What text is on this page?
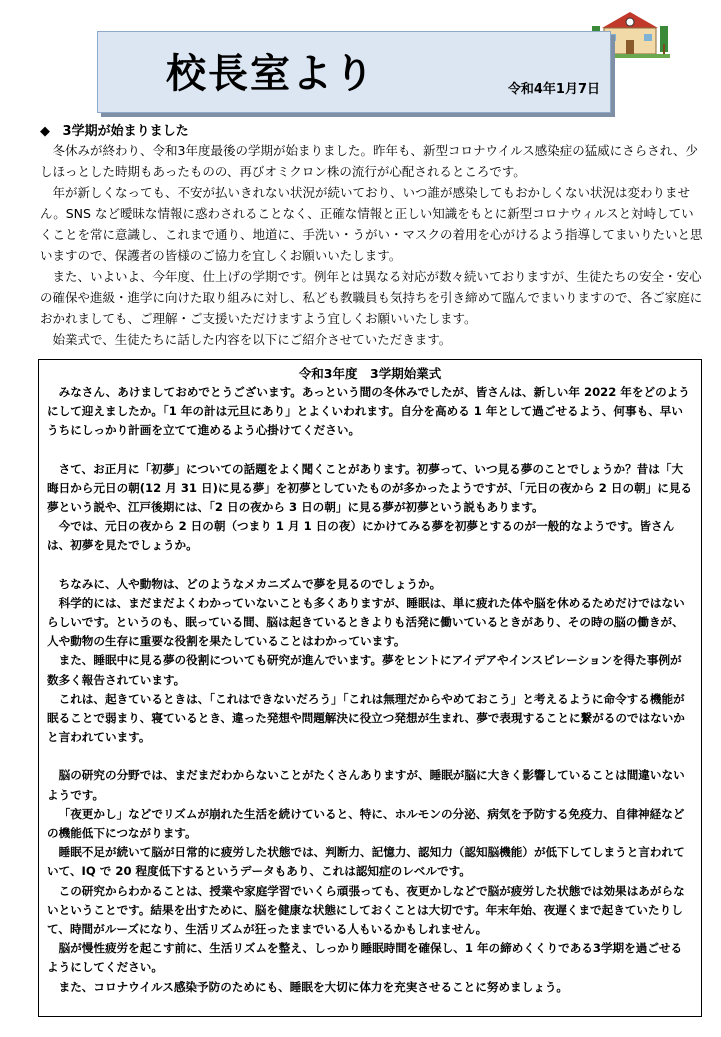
校長室より	令和4年1月7日
◆ 3学期が始まりました

冬休みが終わり、令和3年度最後の学期が始まりました。昨年も、新型コロナウイルス感染症の猛威にさらされ、少しほっとした時期もあったものの、再びオミクロン株の流行が心配されるところです。

年が新しくなっても、不安が払いきれない状況が続いており、いつ誰が感染してもおかしくない状況は変わりません。SNS など曖昧な情報に惑わされることなく、正確な情報と正しい知識をもとに新型コロナウィルスと対峙していくことを常に意識し、これまで通り、地道に、手洗い・うがい・マスクの着用を心がけるよう指導してまいりたいと思いますので、保護者の皆様のご協力を宜しくお願いいたします。

また、いよいよ、今年度、仕上げの学期です。例年とは異なる対応が数々続いておりますが、生徒たちの安全・安心の確保や進級・進学に向けた取り組みに対し、私ども教職員も気持ちを引き締めて臨んでまいりますので、各ご家庭におかれましても、ご理解・ご支援いただけますよう宜しくお願いいたします。

始業式で、生徒たちに話した内容を以下にご紹介させていただきます。

令和3年度　3学期始業式

みなさん、あけましておめでとうございます。あっという間の冬休みでしたが、皆さんは、新しい年 2022 年をどのようにして迎えましたか。「1 年の計は元旦にあり」とよくいわれます。自分を高める 1 年として過ごせるよう、何事も、早いうちにしっかり計画を立てて進めるよう心掛けてください。

さて、お正月に「初夢」についての話題をよく聞くことがあります。初夢って、いつ見る夢のことでしょうか？昔は「大晦日から元日の朝(12 月 31 日)に見る夢」を初夢としていたものが多かったようですが、「元日の夜から 2 日の朝」に見る夢という説や、江戸後期には、「2 日の夜から 3 日の朝」に見る夢が初夢という説もあります。

今では、元日の夜から 2 日の朝（つまり 1 月 1 日の夜）にかけてみる夢を初夢とするのが一般的なようです。皆さんは、初夢を見たでしょうか。

ちなみに、人や動物は、どのようなメカニズムで夢を見るのでしょうか。

科学的には、まだまだよくわかっていないことも多くありますが、睡眠は、単に疲れた体や脳を休めるためだけではないらしいです。というのも、眠っている間、脳は起きているときよりも活発に働いているときがあり、その時の脳の働きが、人や動物の生存に重要な役割を果たしていることはわかっています。

また、睡眠中に見る夢の役割についても研究が進んでいます。夢をヒントにアイデアやインスピレーションを得た事例が数多く報告されています。

これは、起きているときは、「これはできないだろう」「これは無理だからやめておこう」と考えるように命令する機能が眠ることで弱まり、寝ているとき、違った発想や問題解決に役立つ発想が生まれ、夢で表現することに繋がるのではないかと言われています。

脳の研究の分野では、まだまだわからないことがたくさんありますが、睡眠が脳に大きく影響していることは間違いないようです。

「夜更かし」などでリズムが崩れた生活を続けていると、特に、ホルモンの分泌、病気を予防する免疫力、自律神経などの機能低下につながります。

睡眠不足が続いて脳が日常的に疲労した状態では、判断力、記憶力、認知力（認知脳機能）が低下してしまうと言われていて、IQ で 20 程度低下するというデータもあり、これは認知症のレベルです。

この研究からわかることは、授業や家庭学習でいくら頑張っても、夜更かしなどで脳が疲労した状態では効果はあがらないということです。結果を出すために、脳を健康な状態にしておくことは大切です。年末年始、夜遅くまで起きていたりして、時間がルーズになり、生活リズムが狂ったままでいる人もいるかもしれません。

脳が慢性疲労を起こす前に、生活リズムを整え、しっかり睡眠時間を確保し、1 年の締めくくりである3学期を過ごせるようにしてください。

また、コロナウイルス感染予防のためにも、睡眠を大切に体力を充実させることに努めましょう。
